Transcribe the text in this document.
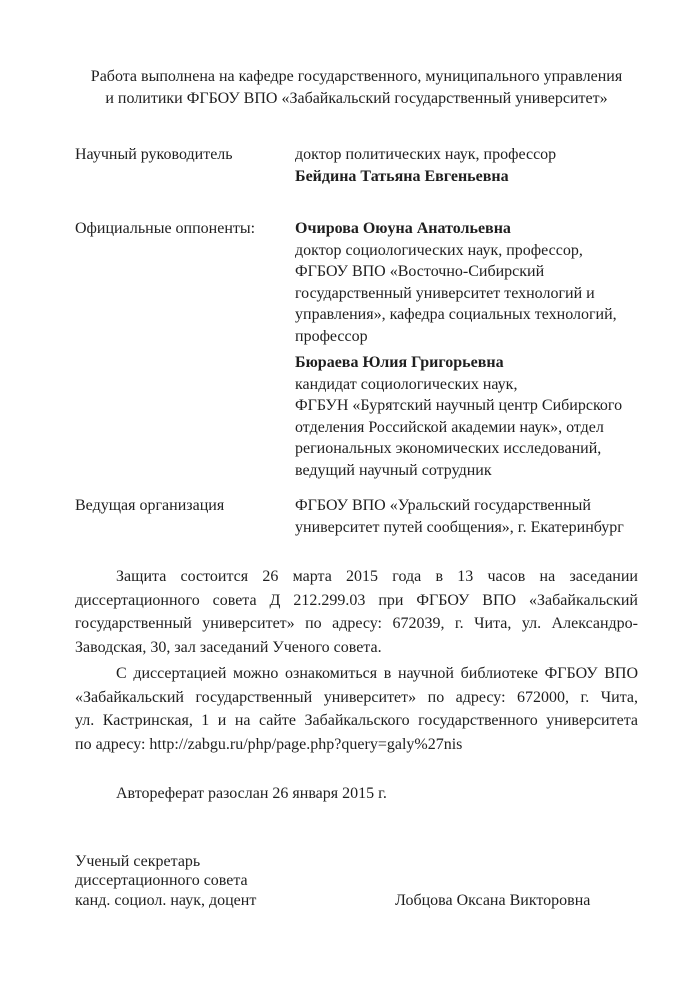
Работа выполнена на кафедре государственного, муниципального управления
и политики ФГБОУ ВПО «Забайкальский государственный университет»
Научный руководитель	доктор политических наук, профессор
Бейдина Татьяна Евгеньевна
Официальные оппоненты:	Очирова Оюуна Анатольевна
доктор социологических наук, профессор,
ФГБОУ ВПО «Восточно-Сибирский
государственный университет технологий и
управления», кафедра социальных технологий,
профессор
Бюраева Юлия Григорьевна
кандидат социологических наук,
ФГБУН «Бурятский научный центр Сибирского
отделения Российской академии наук», отдел
региональных экономических исследований,
ведущий научный сотрудник
Ведущая организация	ФГБОУ ВПО «Уральский государственный
университет путей сообщения», г. Екатеринбург
Защита состоится 26 марта 2015 года в 13 часов на заседании
диссертационного совета Д 212.299.03 при ФГБОУ ВПО «Забайкальский
государственный университет» по адресу: 672039, г. Чита, ул. Александро-
Заводская, 30, зал заседаний Ученого совета.
С диссертацией можно ознакомиться в научной библиотеке ФГБОУ ВПО
«Забайкальский государственный университет» по адресу: 672000, г. Чита,
ул. Кастринская, 1 и на сайте Забайкальского государственного университета
по адресу: http://zabgu.ru/php/page.php?query=galy%27nis
Автореферат разослан 26 января 2015 г.
Ученый секретарь
диссертационного совета
канд. социол. наук, доцент	Лобцова Оксана Викторовна
